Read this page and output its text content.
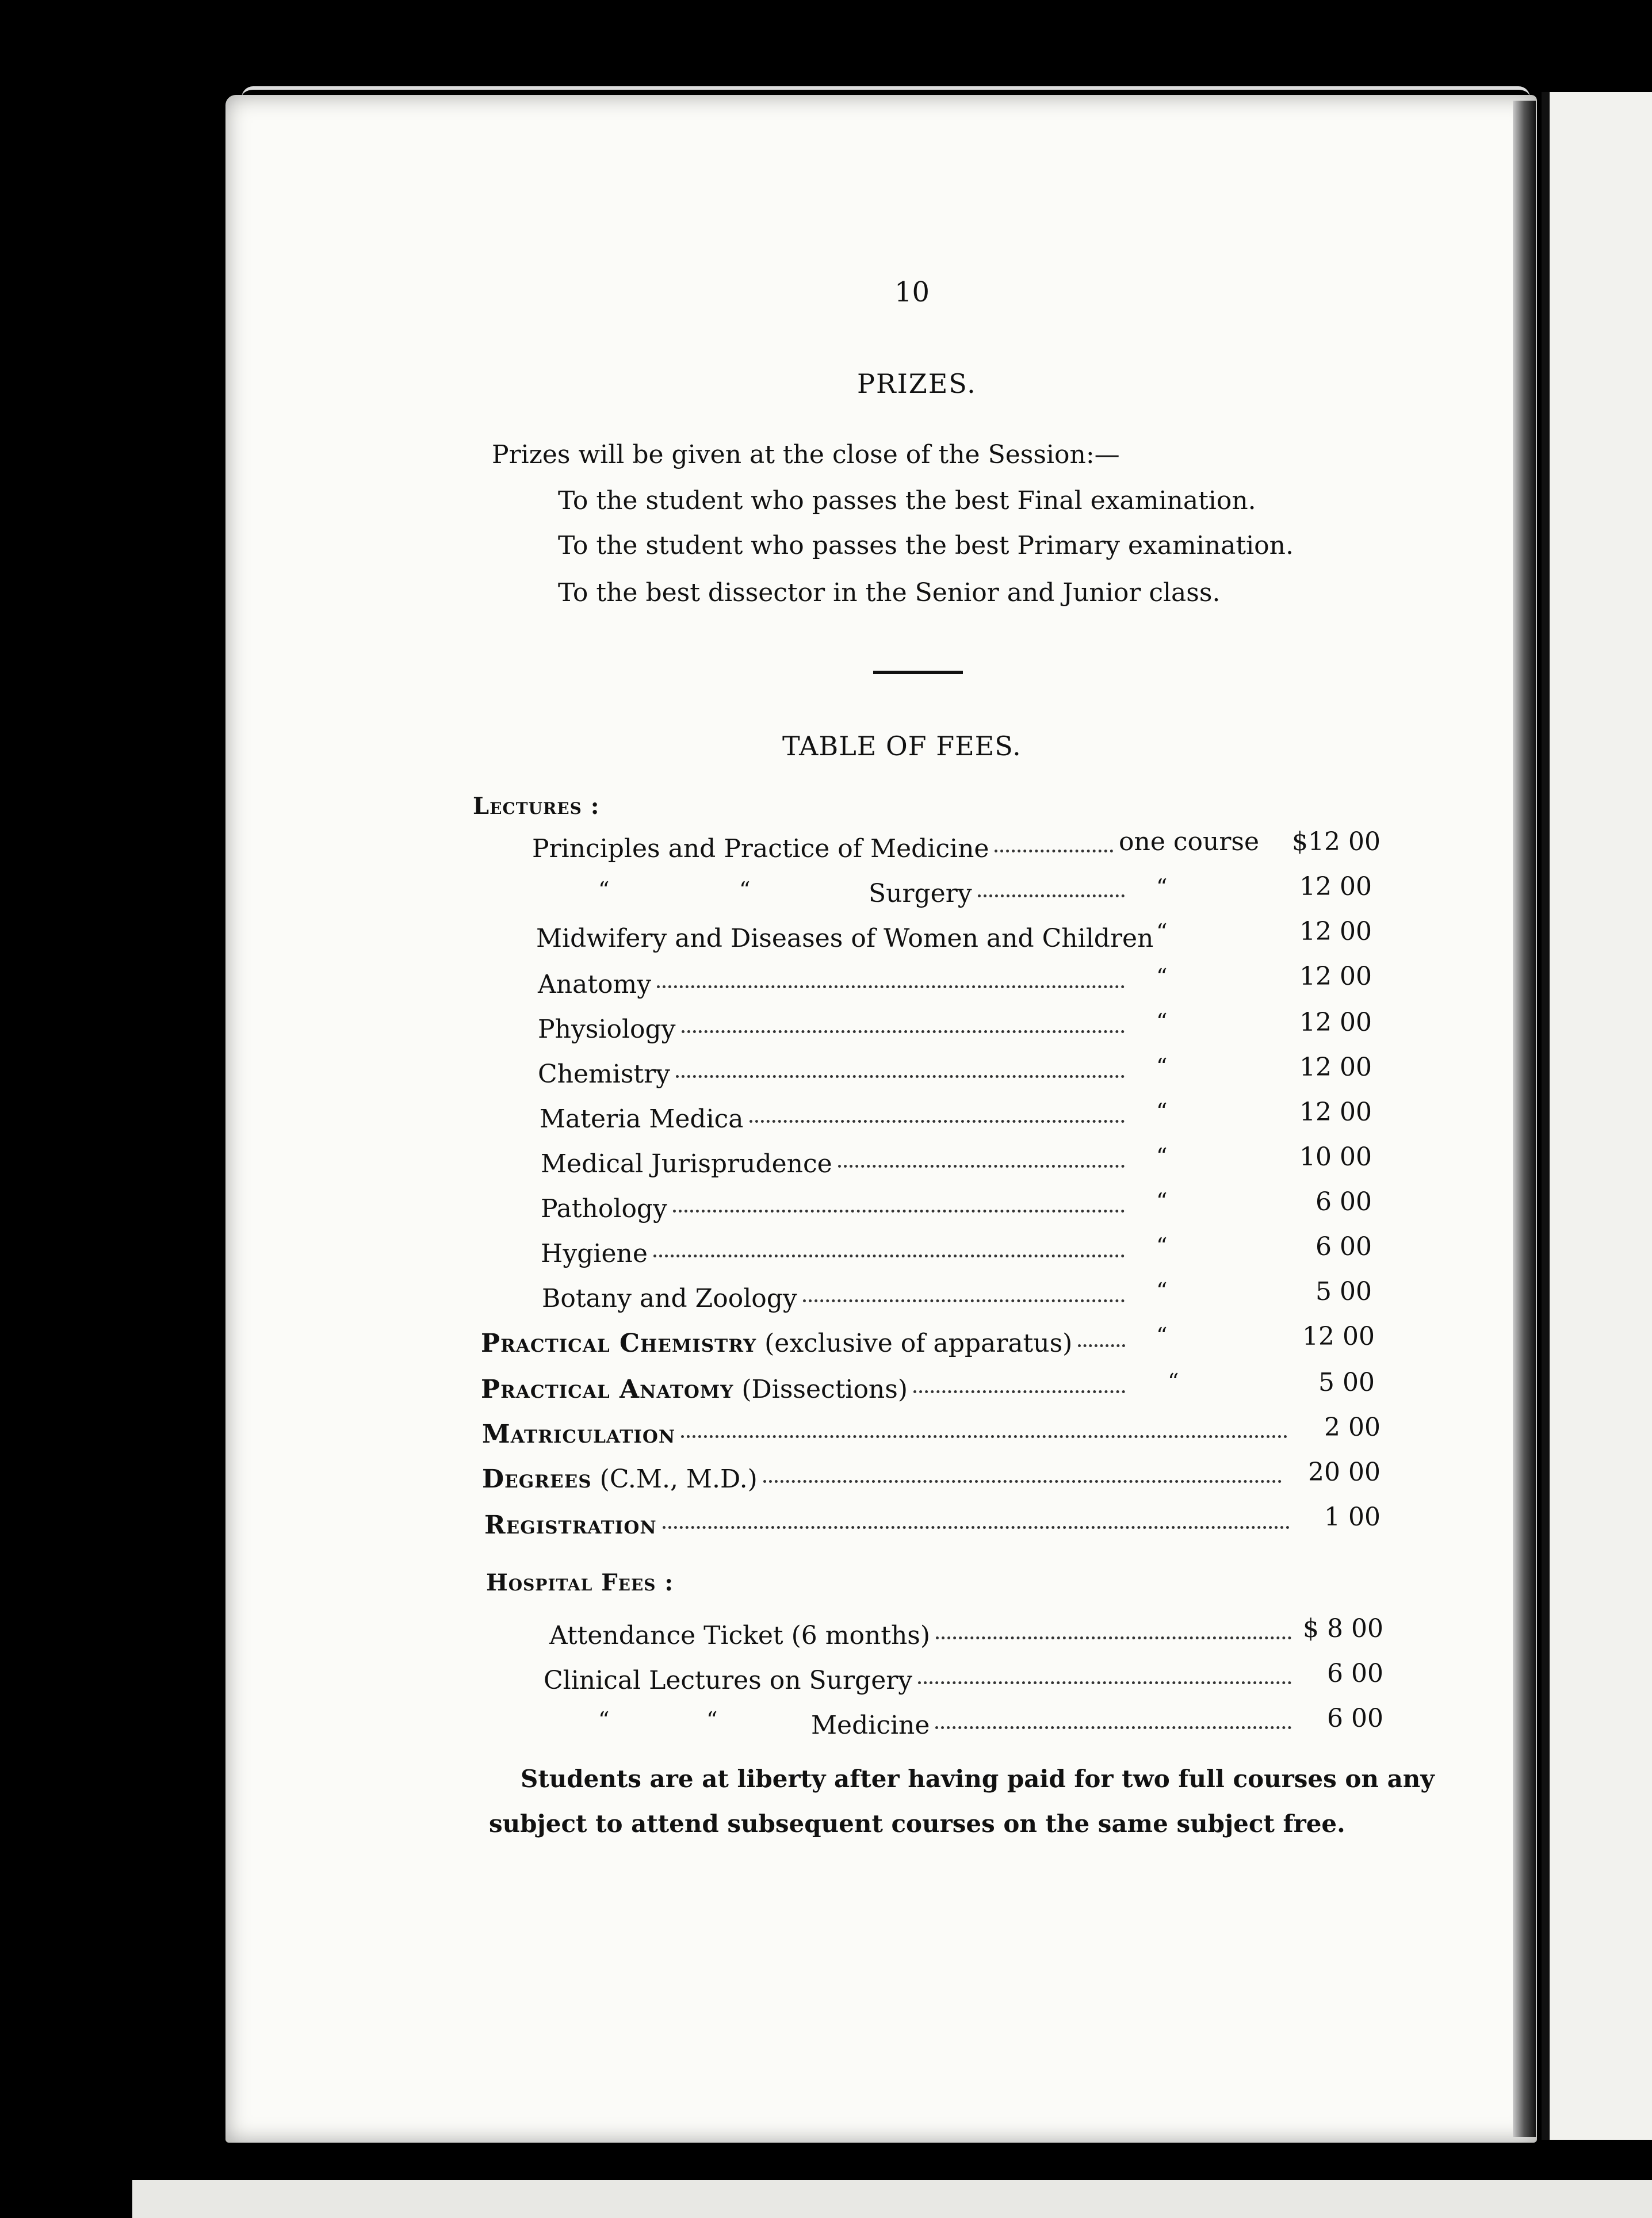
10
PRIZES.
Prizes will be given at the close of the Session:—
To the student who passes the best Final examination.
To the student who passes the best Primary examination.
To the best dissector in the Senior and Junior class.
TABLE OF FEES.
Lectures :
Principles and Practice of Medicine	one course	$12 00
“	“	Surgery	“	12 00
Midwifery and Diseases of Women and Children “	12 00
Anatomy	“	12 00
Physiology	“	12 00
Chemistry	“	12 00
Materia Medica	“	12 00
Medical Jurisprudence	“	10 00
Pathology	“	6 00
Hygiene	“	6 00
Botany and Zoology	“	5 00
Practical Chemistry (exclusive of apparatus)	“	12 00
Practical Anatomy (Dissections)	“	5 00
Matriculation	2 00
Degrees (C.M., M.D.)	20 00
Registration	1 00
Hospital Fees :
Attendance Ticket (6 months)	$ 8 00
Clinical Lectures on Surgery	6 00
“	“	Medicine	6 00
Students are at liberty after having paid for two full courses on any
subject to attend subsequent courses on the same subject free.
